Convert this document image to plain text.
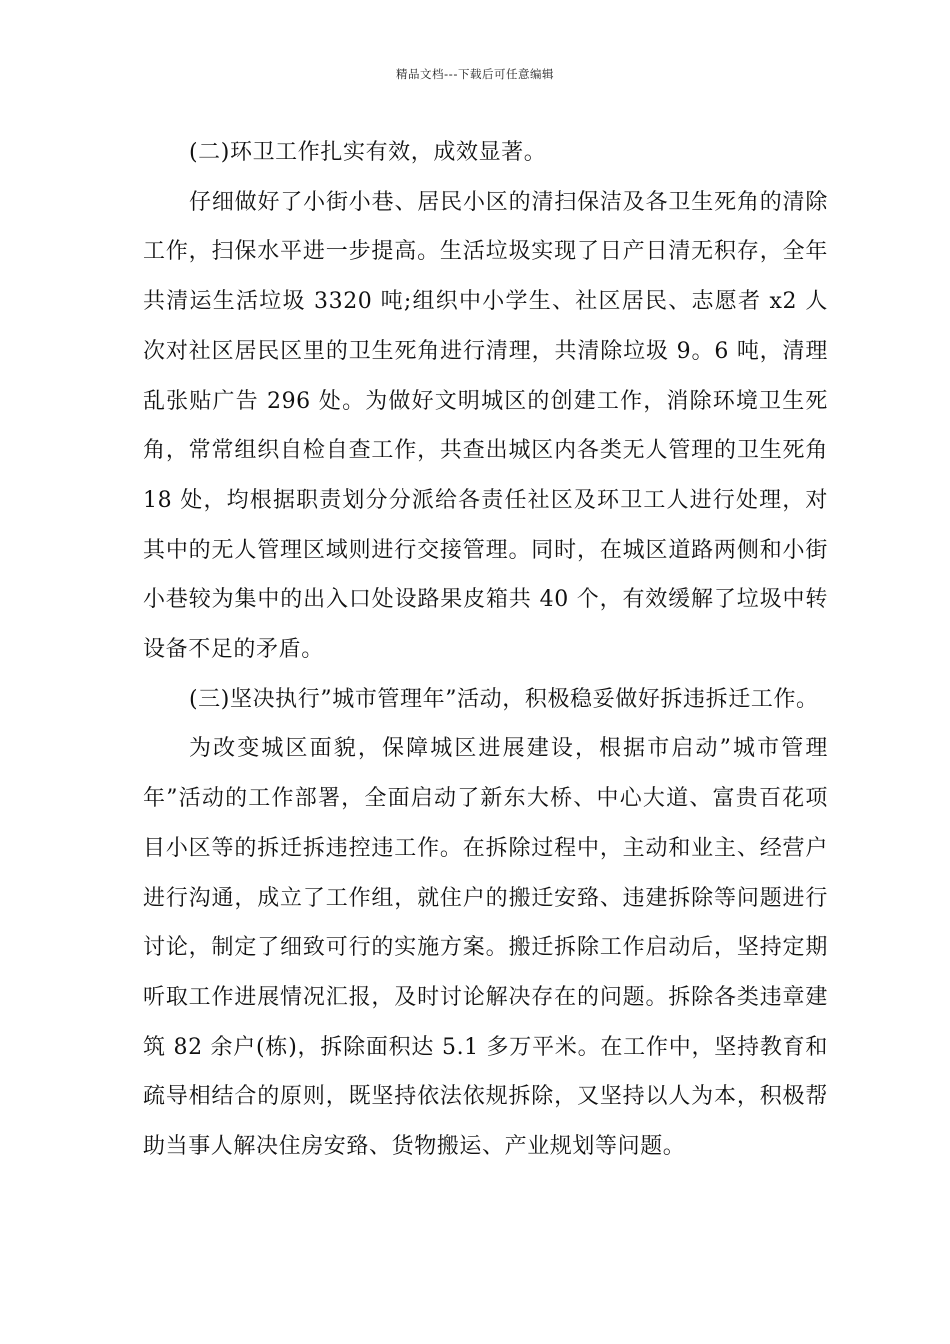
精品文档---下载后可任意编辑

(二)环卫工作扎实有效，成效显著。

仔细做好了小街小巷、居民小区的清扫保洁及各卫生死角的清除工作，扫保水平进一步提高。生活垃圾实现了日产日清无积存，全年共清运生活垃圾 3320 吨;组织中小学生、社区居民、志愿者 x2 人次对社区居民区里的卫生死角进行清理，共清除垃圾 9。6 吨，清理乱张贴广告 296 处。为做好文明城区的创建工作，消除环境卫生死角，常常组织自检自查工作，共查出城区内各类无人管理的卫生死角 18 处，均根据职责划分分派给各责任社区及环卫工人进行处理，对其中的无人管理区域则进行交接管理。同时，在城区道路两侧和小街小巷较为集中的出入口处设路果皮箱共 40 个，有效缓解了垃圾中转设备不足的矛盾。

(三)坚决执行”城市管理年”活动，积极稳妥做好拆违拆迁工作。

为改变城区面貌，保障城区进展建设，根据市启动”城市管理年”活动的工作部署，全面启动了新东大桥、中心大道、富贵百花项目小区等的拆迁拆违控违工作。在拆除过程中，主动和业主、经营户进行沟通，成立了工作组，就住户的搬迁安臵、违建拆除等问题进行讨论，制定了细致可行的实施方案。搬迁拆除工作启动后，坚持定期听取工作进展情况汇报，及时讨论解决存在的问题。拆除各类违章建筑 82 余户(栋)，拆除面积达 5.1 多万平米。在工作中，坚持教育和疏导相结合的原则，既坚持依法依规拆除，又坚持以人为本，积极帮助当事人解决住房安臵、货物搬运、产业规划等问题。
